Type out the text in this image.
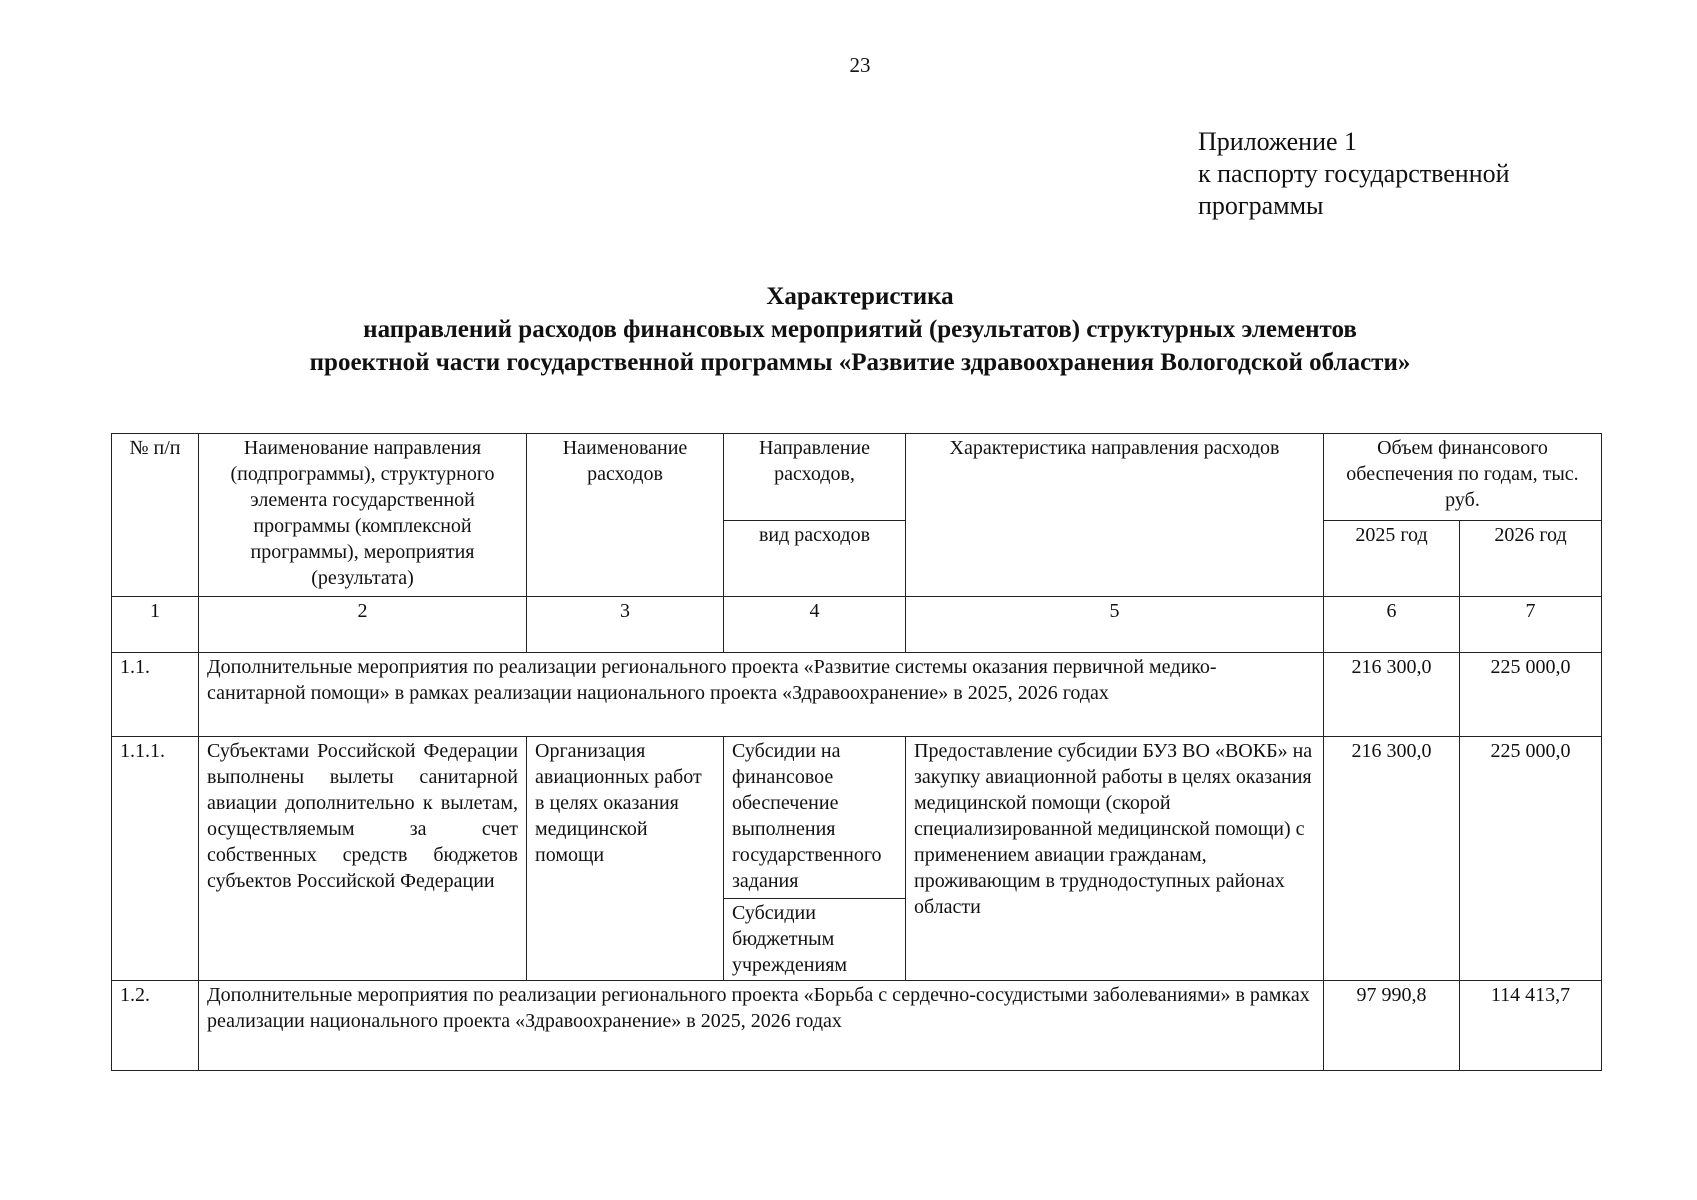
23
Приложение 1
к паспорту государственной
программы
Характеристика
направлений расходов финансовых мероприятий (результатов) структурных элементов
проектной части государственной программы «Развитие здравоохранения Вологодской области»
№ п/п	Наименование направления (подпрограммы), структурного элемента государственной программы (комплексной программы), мероприятия (результата)	Наименование расходов	Направление расходов,	Характеристика направления расходов	Объем финансового обеспечения по годам, тыс. руб.	
			вид расходов		2025 год	2026 год
1	2	3	4	5	6	7
1.1.	Дополнительные мероприятия по реализации регионального проекта «Развитие системы оказания первичной медико-санитарной помощи» в рамках реализации национального проекта «Здравоохранение» в 2025, 2026 годах				216 300,0	225 000,0
1.1.1.	Субъектами Российской Федерации выполнены вылеты санитарной авиации дополнительно к вылетам, осуществляемым за счет собственных средств бюджетов субъектов Российской Федерации	Организация авиационных работ в целях оказания медицинской помощи	Субсидии на финансовое обеспечение выполнения государственного задания	Предоставление субсидии БУЗ ВО «ВОКБ» на закупку авиационной работы в целях оказания медицинской помощи (скорой специализированной медицинской помощи) с применением авиации гражданам, проживающим в труднодоступных районах области	216 300,0	225 000,0
			Субсидии бюджетным учреждениям			
1.2.	Дополнительные мероприятия по реализации регионального проекта «Борьба с сердечно-сосудистыми заболеваниями» в рамках реализации национального проекта «Здравоохранение» в 2025, 2026 годах				97 990,8	114 413,7
